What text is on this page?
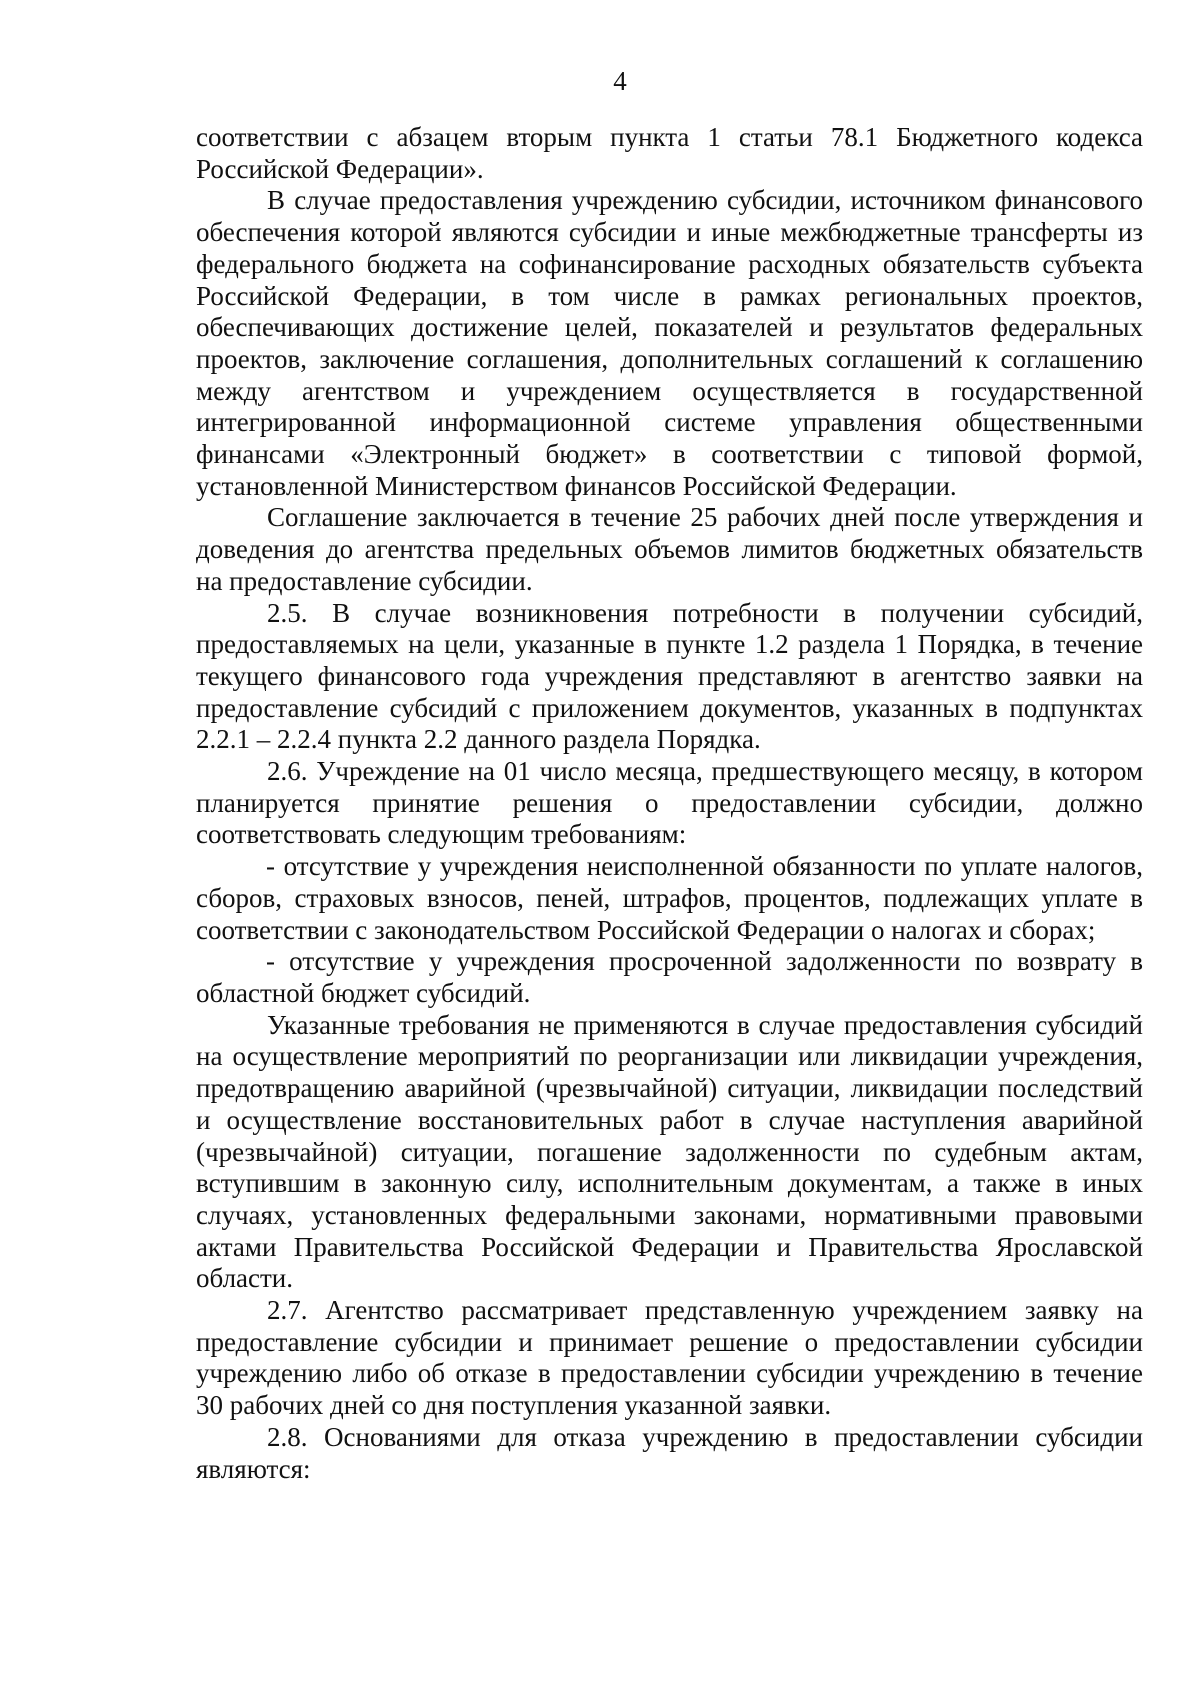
4

соответствии с абзацем вторым пункта 1 статьи 78.1 Бюджетного кодекса Российской Федерации».

В случае предоставления учреждению субсидии, источником финансового обеспечения которой являются субсидии и иные межбюджетные трансферты из федерального бюджета на софинансирование расходных обязательств субъекта Российской Федерации, в том числе в рамках региональных проектов, обеспечивающих достижение целей, показателей и результатов федеральных проектов, заключение соглашения, дополнительных соглашений к соглашению между агентством и учреждением осуществляется в государственной интегрированной информационной системе управления общественными финансами «Электронный бюджет» в соответствии с типовой формой, установленной Министерством финансов Российской Федерации.

Соглашение заключается в течение 25 рабочих дней после утверждения и доведения до агентства предельных объемов лимитов бюджетных обязательств на предоставление субсидии.

2.5. В случае возникновения потребности в получении субсидий, предоставляемых на цели, указанные в пункте 1.2 раздела 1 Порядка, в течение текущего финансового года учреждения представляют в агентство заявки на предоставление субсидий с приложением документов, указанных в подпунктах 2.2.1 – 2.2.4 пункта 2.2 данного раздела Порядка.

2.6. Учреждение на 01 число месяца, предшествующего месяцу, в котором планируется принятие решения о предоставлении субсидии, должно соответствовать следующим требованиям:

- отсутствие у учреждения неисполненной обязанности по уплате налогов, сборов, страховых взносов, пеней, штрафов, процентов, подлежащих уплате в соответствии с законодательством Российской Федерации о налогах и сборах;

- отсутствие у учреждения просроченной задолженности по возврату в областной бюджет субсидий.

Указанные требования не применяются в случае предоставления субсидий на осуществление мероприятий по реорганизации или ликвидации учреждения, предотвращению аварийной (чрезвычайной) ситуации, ликвидации последствий и осуществление восстановительных работ в случае наступления аварийной (чрезвычайной) ситуации, погашение задолженности по судебным актам, вступившим в законную силу, исполнительным документам, а также в иных случаях, установленных федеральными законами, нормативными правовыми актами Правительства Российской Федерации и Правительства Ярославской области.

2.7. Агентство рассматривает представленную учреждением заявку на предоставление субсидии и принимает решение о предоставлении субсидии учреждению либо об отказе в предоставлении субсидии учреждению в течение 30 рабочих дней со дня поступления указанной заявки.

2.8. Основаниями для отказа учреждению в предоставлении субсидии являются:
